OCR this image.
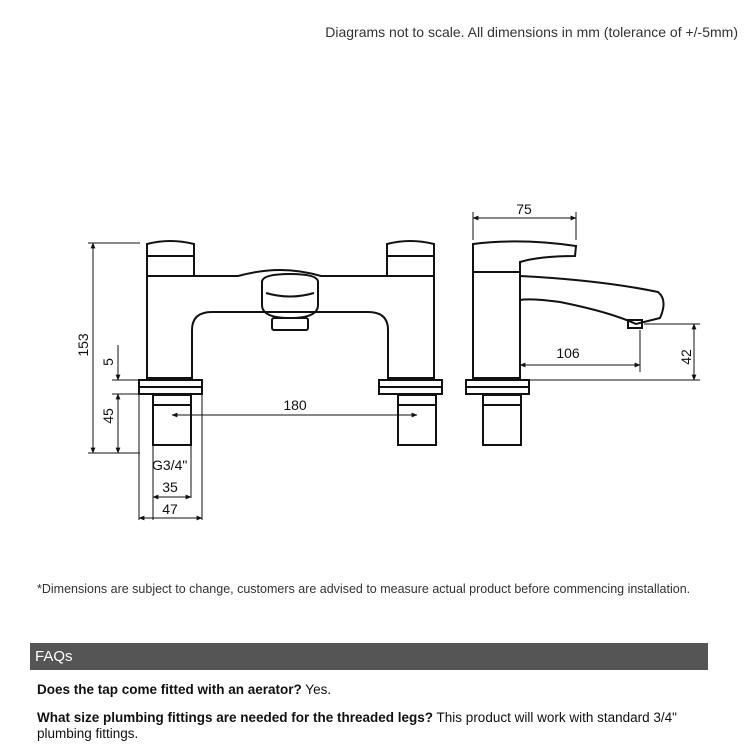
Diagrams not to scale. All dimensions in mm (tolerance of +/-5mm)
153
5
45
180
G3/4"
35
47
75
106	42
*Dimensions are subject to change, customers are advised to measure actual product before commencing installation.
FAQs
Does the tap come fitted with an aerator? Yes.
What size plumbing fittings are needed for the threaded legs? This product will work with standard 3/4" plumbing fittings.
